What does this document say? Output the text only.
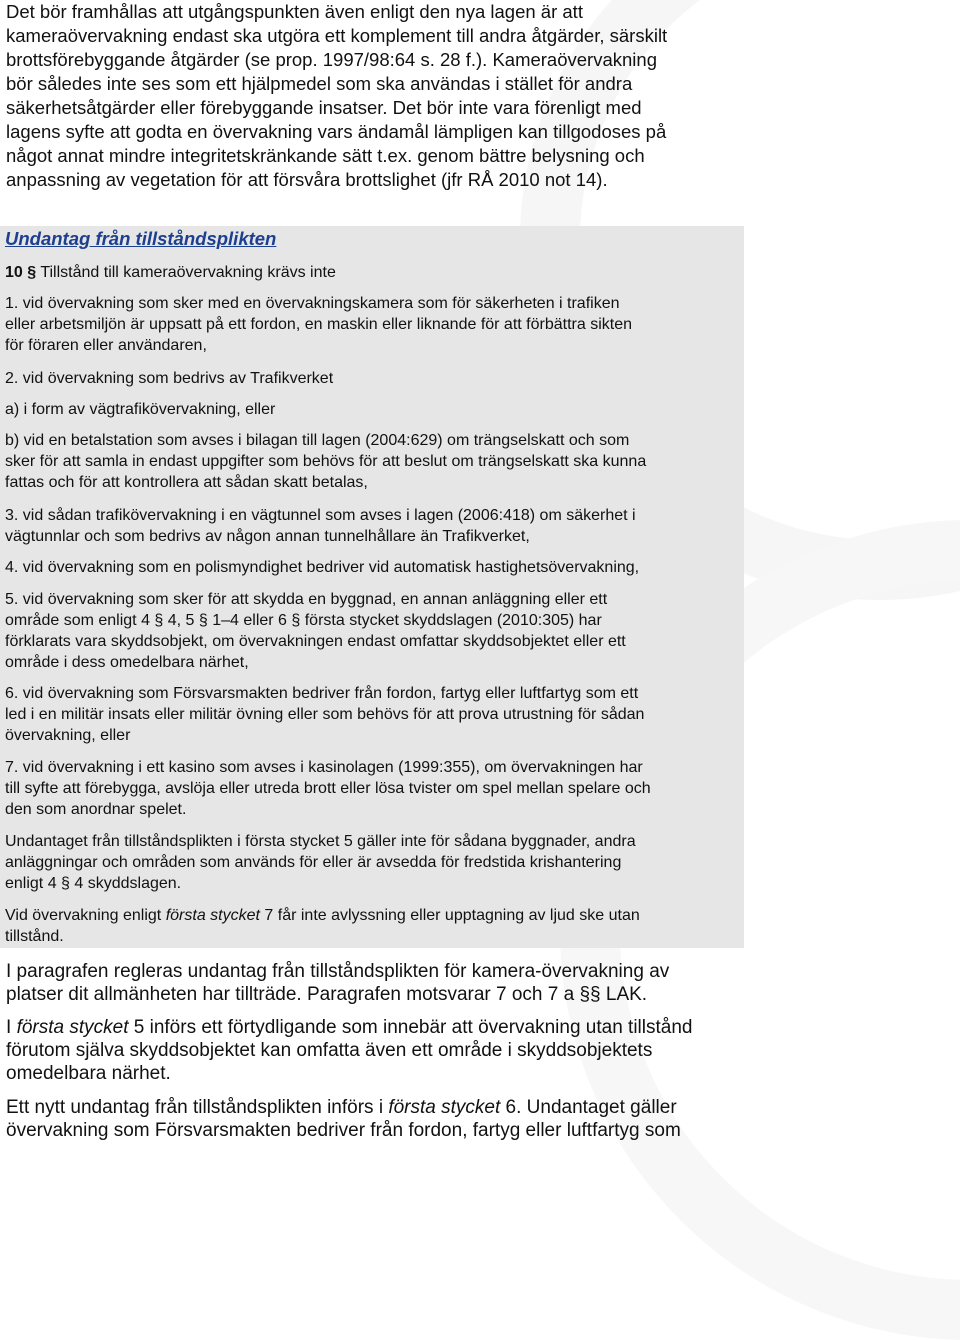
Det bör framhållas att utgångspunkten även enligt den nya lagen är att

kameraövervakning endast ska utgöra ett komplement till andra åtgärder, särskilt

brottsförebyggande åtgärder (se prop. 1997/98:64 s. 28 f.). Kameraövervakning

bör således inte ses som ett hjälpmedel som ska användas i stället för andra

säkerhetsåtgärder eller förebyggande insatser. Det bör inte vara förenligt med

lagens syfte att godta en övervakning vars ändamål lämpligen kan tillgodoses på

något annat mindre integritetskränkande sätt t.ex. genom bättre belysning och

anpassning av vegetation för att försvåra brottslighet (jfr RÅ 2010 not 14).

Undantag från tillståndsplikten
10 § Tillstånd till kameraövervakning krävs inte
1. vid övervakning som sker med en övervakningskamera som för säkerheten i trafiken
eller arbetsmiljön är uppsatt på ett fordon, en maskin eller liknande för att förbättra sikten
för föraren eller användaren,
2. vid övervakning som bedrivs av Trafikverket
a) i form av vägtrafikövervakning, eller
b) vid en betalstation som avses i bilagan till lagen (2004:629) om trängselskatt och som
sker för att samla in endast uppgifter som behövs för att beslut om trängselskatt ska kunna
fattas och för att kontrollera att sådan skatt betalas,
3. vid sådan trafikövervakning i en vägtunnel som avses i lagen (2006:418) om säkerhet i
vägtunnlar och som bedrivs av någon annan tunnelhållare än Trafikverket,
4. vid övervakning som en polismyndighet bedriver vid automatisk hastighetsövervakning,
5. vid övervakning som sker för att skydda en byggnad, en annan anläggning eller ett
område som enligt 4 § 4, 5 § 1–4 eller 6 § första stycket skyddslagen (2010:305) har
förklarats vara skyddsobjekt, om övervakningen endast omfattar skyddsobjektet eller ett
område i dess omedelbara närhet,
6. vid övervakning som Försvarsmakten bedriver från fordon, fartyg eller luftfartyg som ett
led i en militär insats eller militär övning eller som behövs för att prova utrustning för sådan
övervakning, eller
7. vid övervakning i ett kasino som avses i kasinolagen (1999:355), om övervakningen har
till syfte att förebygga, avslöja eller utreda brott eller lösa tvister om spel mellan spelare och
den som anordnar spelet.
Undantaget från tillståndsplikten i första stycket 5 gäller inte för sådana byggnader, andra
anläggningar och områden som används för eller är avsedda för fredstida krishantering
enligt 4 § 4 skyddslagen.
Vid övervakning enligt första stycket 7 får inte avlyssning eller upptagning av ljud ske utan
tillstånd.
I paragrafen regleras undantag från tillståndsplikten för kamera-övervakning av
platser dit allmänheten har tillträde. Paragrafen motsvarar 7 och 7 a §§ LAK.
I första stycket 5 införs ett förtydligande som innebär att övervakning utan tillstånd
förutom själva skyddsobjektet kan omfatta även ett område i skyddsobjektets
omedelbara närhet.
Ett nytt undantag från tillståndsplikten införs i första stycket 6. Undantaget gäller
övervakning som Försvarsmakten bedriver från fordon, fartyg eller luftfartyg som
